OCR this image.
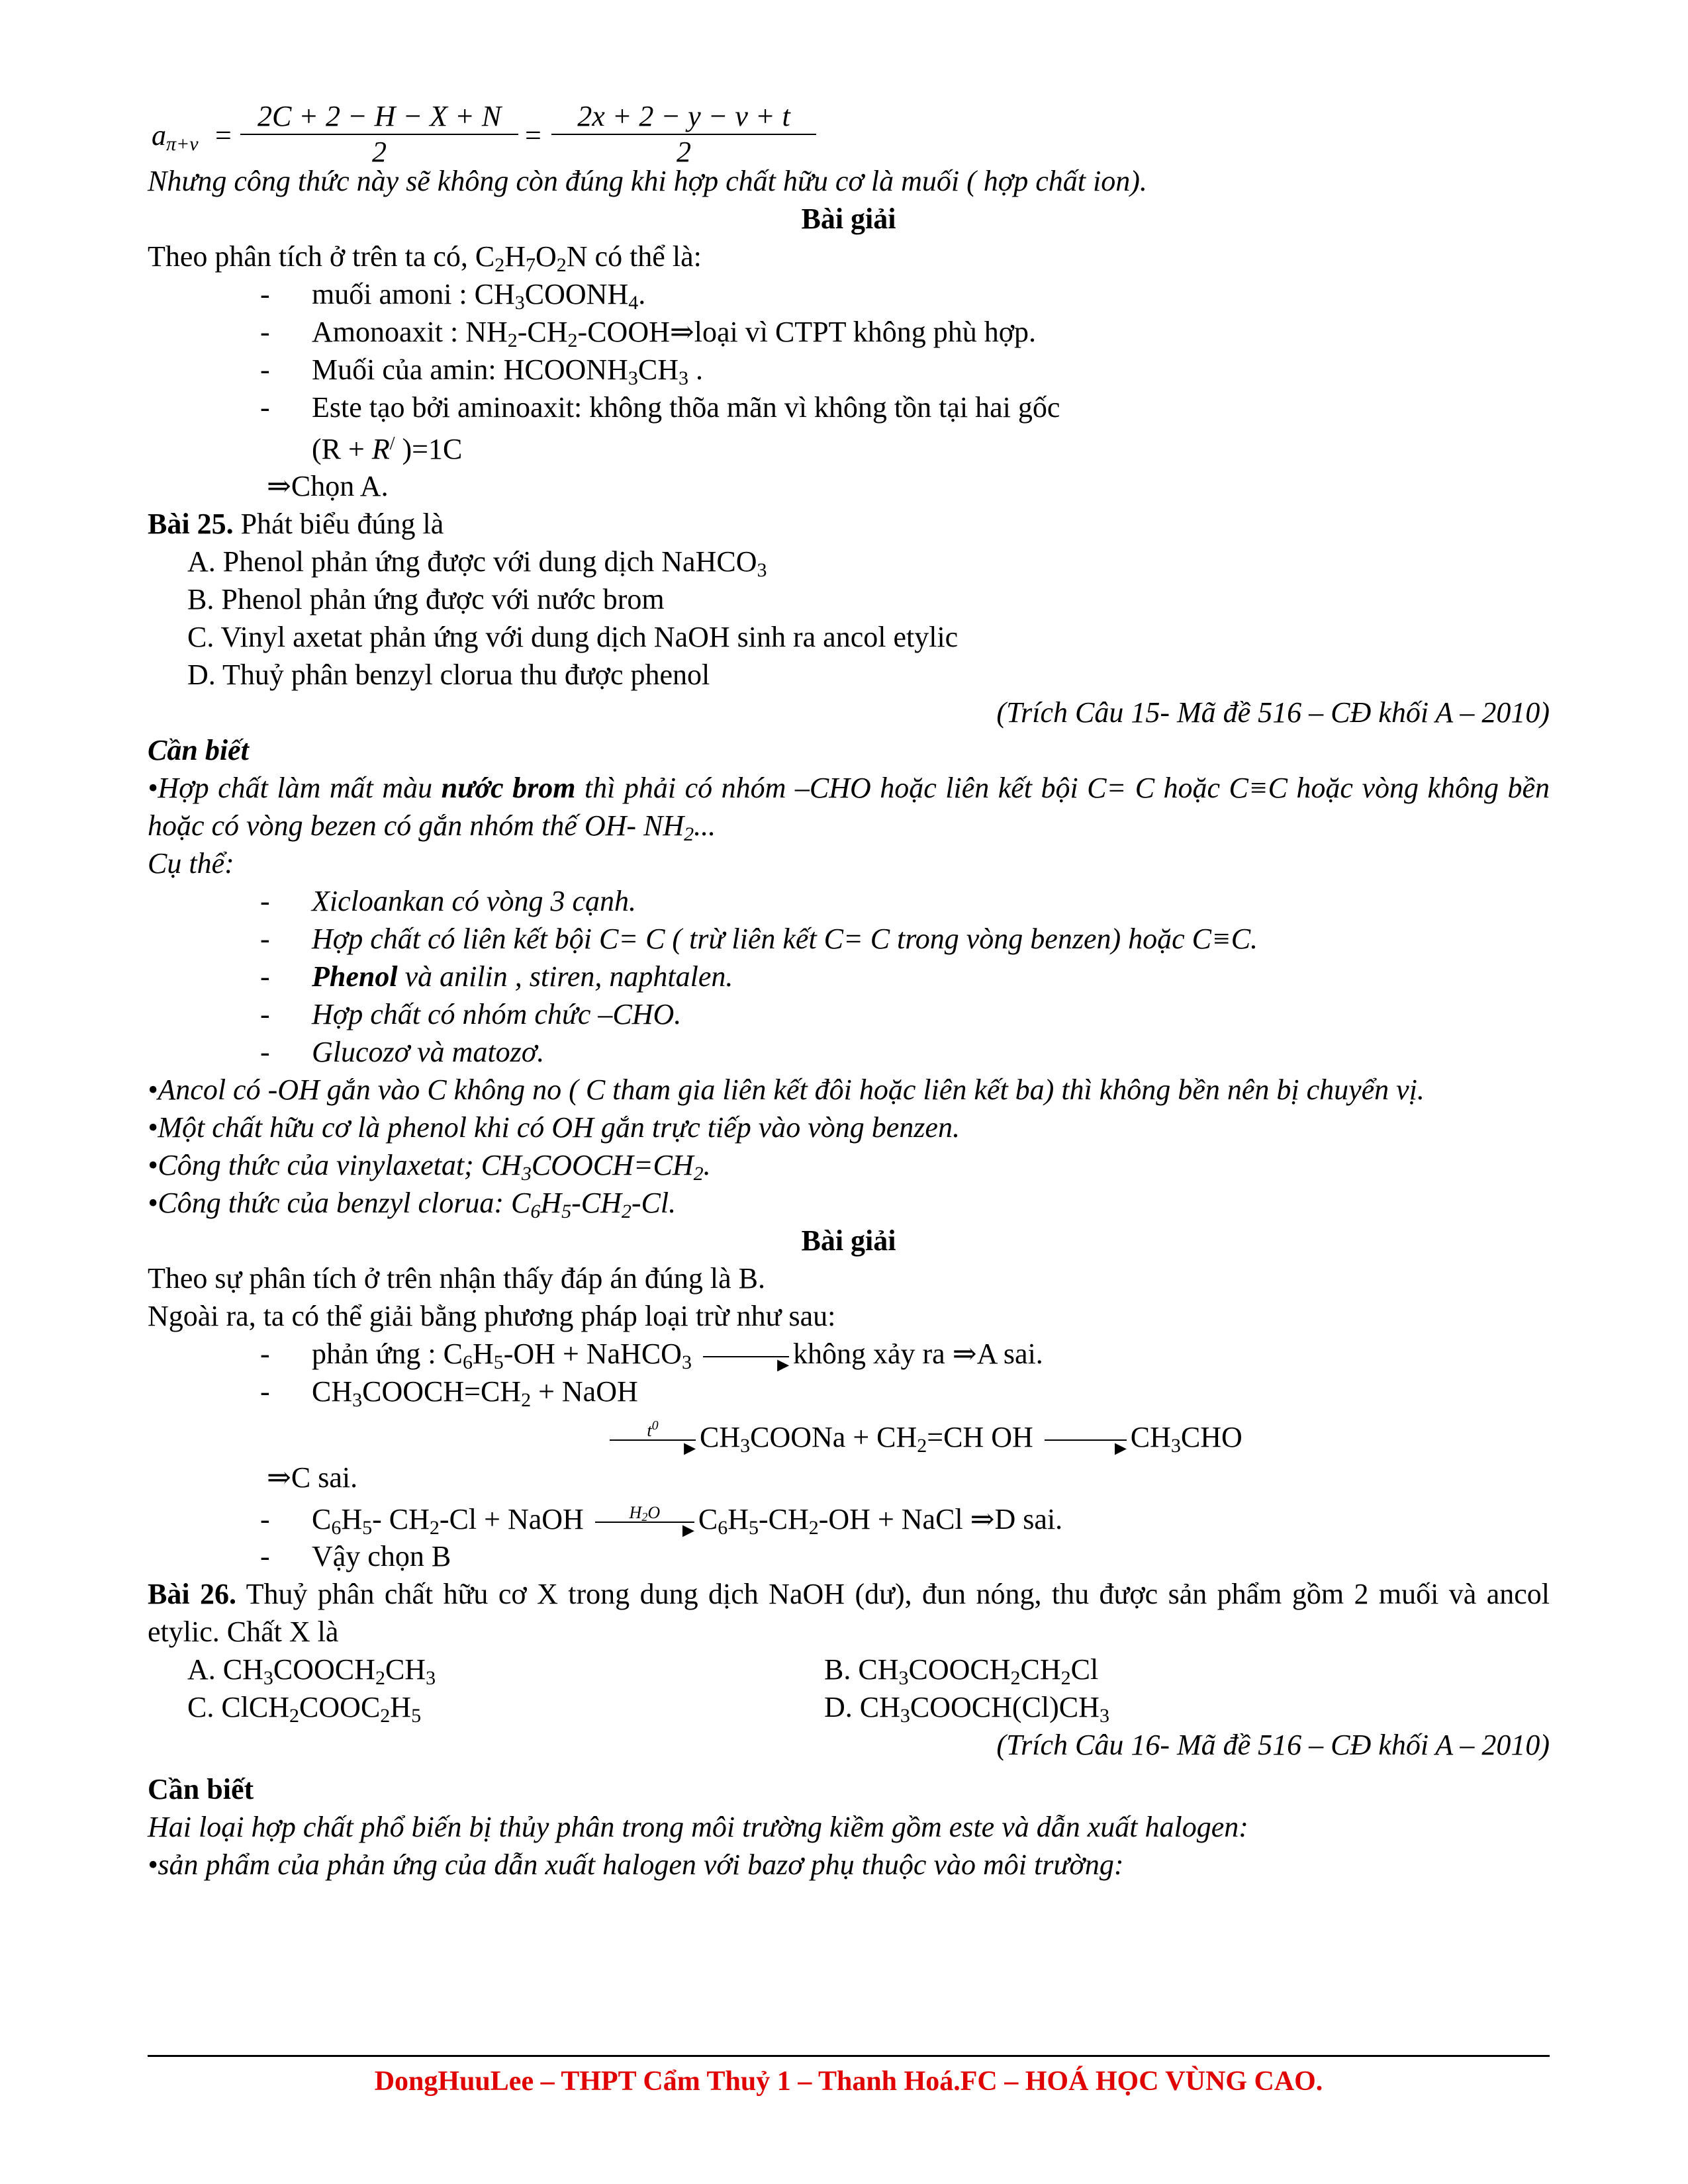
$a_{\pi+v} = \frac{2C + 2 - H - X + N}{2} = \frac{2x + 2 - y - v + t}{2}$
Nhưng công thức này sẽ không còn đúng khi hợp chất hữu cơ là muối ( hợp chất ion).
Bài giải
Theo phân tích ở trên ta có, $C_2H_7O_2N$ có thể là:
- muối amoni : $CH_3COONH_4$.
- Amonoaxit : $NH_2-CH_2-COOH\Rightarrow loại$ vì CTPT không phù hợp.
- Muối của amin: $HCOONH_3CH_3$ .
- Este tạo bởi aminoaxit: không thõa mãn vì không tồn tại hai gốc
(R + R/ )=1C
⇒Chọn A.
Bài 25. Phát biểu đúng là
A. Phenol phản ứng được với dung dịch NaHCO$_3$
B. Phenol phản ứng được với nước brom
C. Vinyl axetat phản ứng với dung dịch NaOH sinh ra ancol etylic
D. Thuỷ phân benzyl clorua thu được phenol
(Trích Câu 15- Mã đề 516 – CĐ khối A – 2010)
Cần biết
•Hợp chất làm mất màu nước brom thì phải có nhóm –CHO hoặc liên kết bội C= C hoặc C≡C hoặc vòng không bền hoặc có vòng bezen có gắn nhóm thế OH- $NH_2$...
Cụ thể:
- Xicloankan có vòng 3 cạnh.
- Hợp chất có liên kết bội C= C ( trừ liên kết C= C trong vòng benzen) hoặc C≡C.
- Phenol và anilin , stiren, naphtalen.
- Hợp chất có nhóm chức –CHO.
- Glucozơ và matozơ.
•Ancol có -OH gắn vào C không no ( C tham gia liên kết đôi hoặc liên kết ba) thì không bền nên bị chuyển vị.
•Một chất hữu cơ là phenol khi có OH gắn trực tiếp vào vòng benzen.
•Công thức của vinylaxetat; $CH_3COOCH=CH_2$.
•Công thức của benzyl clorua: $C_6H_5-CH_2-Cl$.
Bài giải
Theo sự phân tích ở trên nhận thấy đáp án đúng là B.
Ngoài ra, ta có thể giải bằng phương pháp loại trừ như sau:
- phản ứng : $C_6H_5-OH$ + NaHCO$_3$	► không xảy ra ⇒A sai.
- $CH_3COOCH=CH_2$ + NaOH
$t^0$
► $CH_3COONa + CH_2=CH$ OH	► $CH_3CHO$
⇒C sai.
- $C_6H_5-$ $CH_2-Cl$ + NaOH	$H_2O$
► $C_6H_5-CH_2-OH$ + NaCl ⇒D sai.
- Vậy chọn B
Bài 26. Thuỷ phân chất hữu cơ X trong dung dịch NaOH (dư), đun nóng, thu được sản phẩm gồm 2 muối và ancol etylic. Chất X là
A. $CH_3COOCH_2CH_3$	B. $CH_3COOCH_2CH_2Cl$
C. $ClCH_2COOC_2H_5$	D. $CH_3COOCH(Cl)CH_3$
(Trích Câu 16- Mã đề 516 – CĐ khối A – 2010)
Cần biết
Hai loại hợp chất phổ biến bị thủy phân trong môi trường kiềm gồm este và dẫn xuất halogen:
•sản phẩm của phản ứng của dẫn xuất halogen với bazơ phụ thuộc vào môi trường:
DongHuuLee – THPT Cẩm Thuỷ 1 – Thanh Hoá.FC – HOÁ HỌC VÙNG CAO.
